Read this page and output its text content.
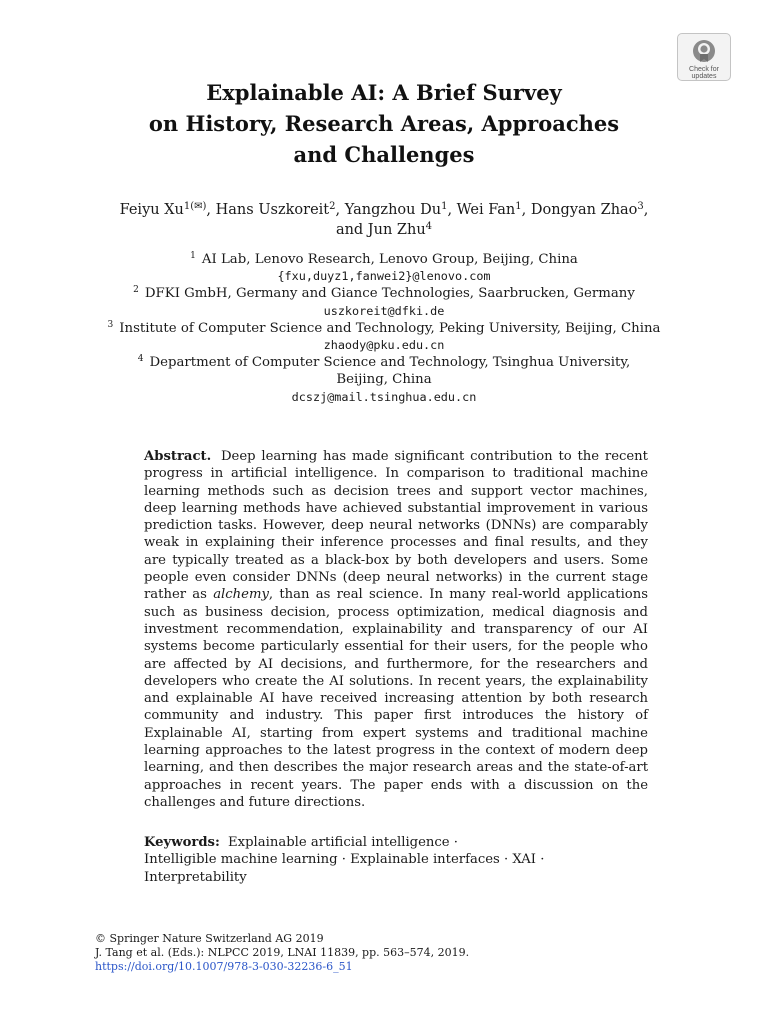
Check for updates
Explainable AI: A Brief Survey
on History, Research Areas, Approaches
and Challenges
Feiyu $Xu^{1(✉)}$, Hans Uszkoreit$^2$, Yangzhou Du$^1$, Wei Fan$^1$, Dongyan Zhao$^3$,
and Jun Zhu$^4$
$^1$ AI Lab, Lenovo Research, Lenovo Group, Beijing, China
{fxu,duyz1,fanwei2}@lenovo.com
$^2$ DFKI GmbH, Germany and Giance Technologies, Saarbrucken, Germany
uszkoreit@dfki.de
$^3$ Institute of Computer Science and Technology, Peking University, Beijing, China
zhaody@pku.edu.cn
$^4$ Department of Computer Science and Technology, Tsinghua University,
Beijing, China
dcszj@mail.tsinghua.edu.cn
Abstract. Deep learning has made significant contribution to the recent progress in artificial intelligence. In comparison to traditional machine learning methods such as decision trees and support vector machines, deep learning methods have achieved substantial improvement in various prediction tasks. However, deep neural networks (DNNs) are comparably weak in explaining their inference processes and final results, and they are typically treated as a black-box by both developers and users. Some people even consider DNNs (deep neural networks) in the current stage rather as alchemy, than as real science. In many real-world applications such as business decision, process optimization, medical diagnosis and investment recommendation, explainability and transparency of our AI systems become particularly essential for their users, for the people who are affected by AI decisions, and furthermore, for the researchers and developers who create the AI solutions. In recent years, the explainability and explainable AI have received increasing attention by both research community and industry. This paper first introduces the history of Explainable AI, starting from expert systems and traditional machine learning approaches to the latest progress in the context of modern deep learning, and then describes the major research areas and the state-of-art approaches in recent years. The paper ends with a discussion on the challenges and future directions.
Keywords: Explainable artificial intelligence ·
Intelligible machine learning · Explainable interfaces · XAI ·
Interpretability
© Springer Nature Switzerland AG 2019
J. Tang et al. (Eds.): NLPCC 2019, LNAI 11839, pp. 563–574, 2019.
https://doi.org/10.1007/978-3-030-32236-6_51
